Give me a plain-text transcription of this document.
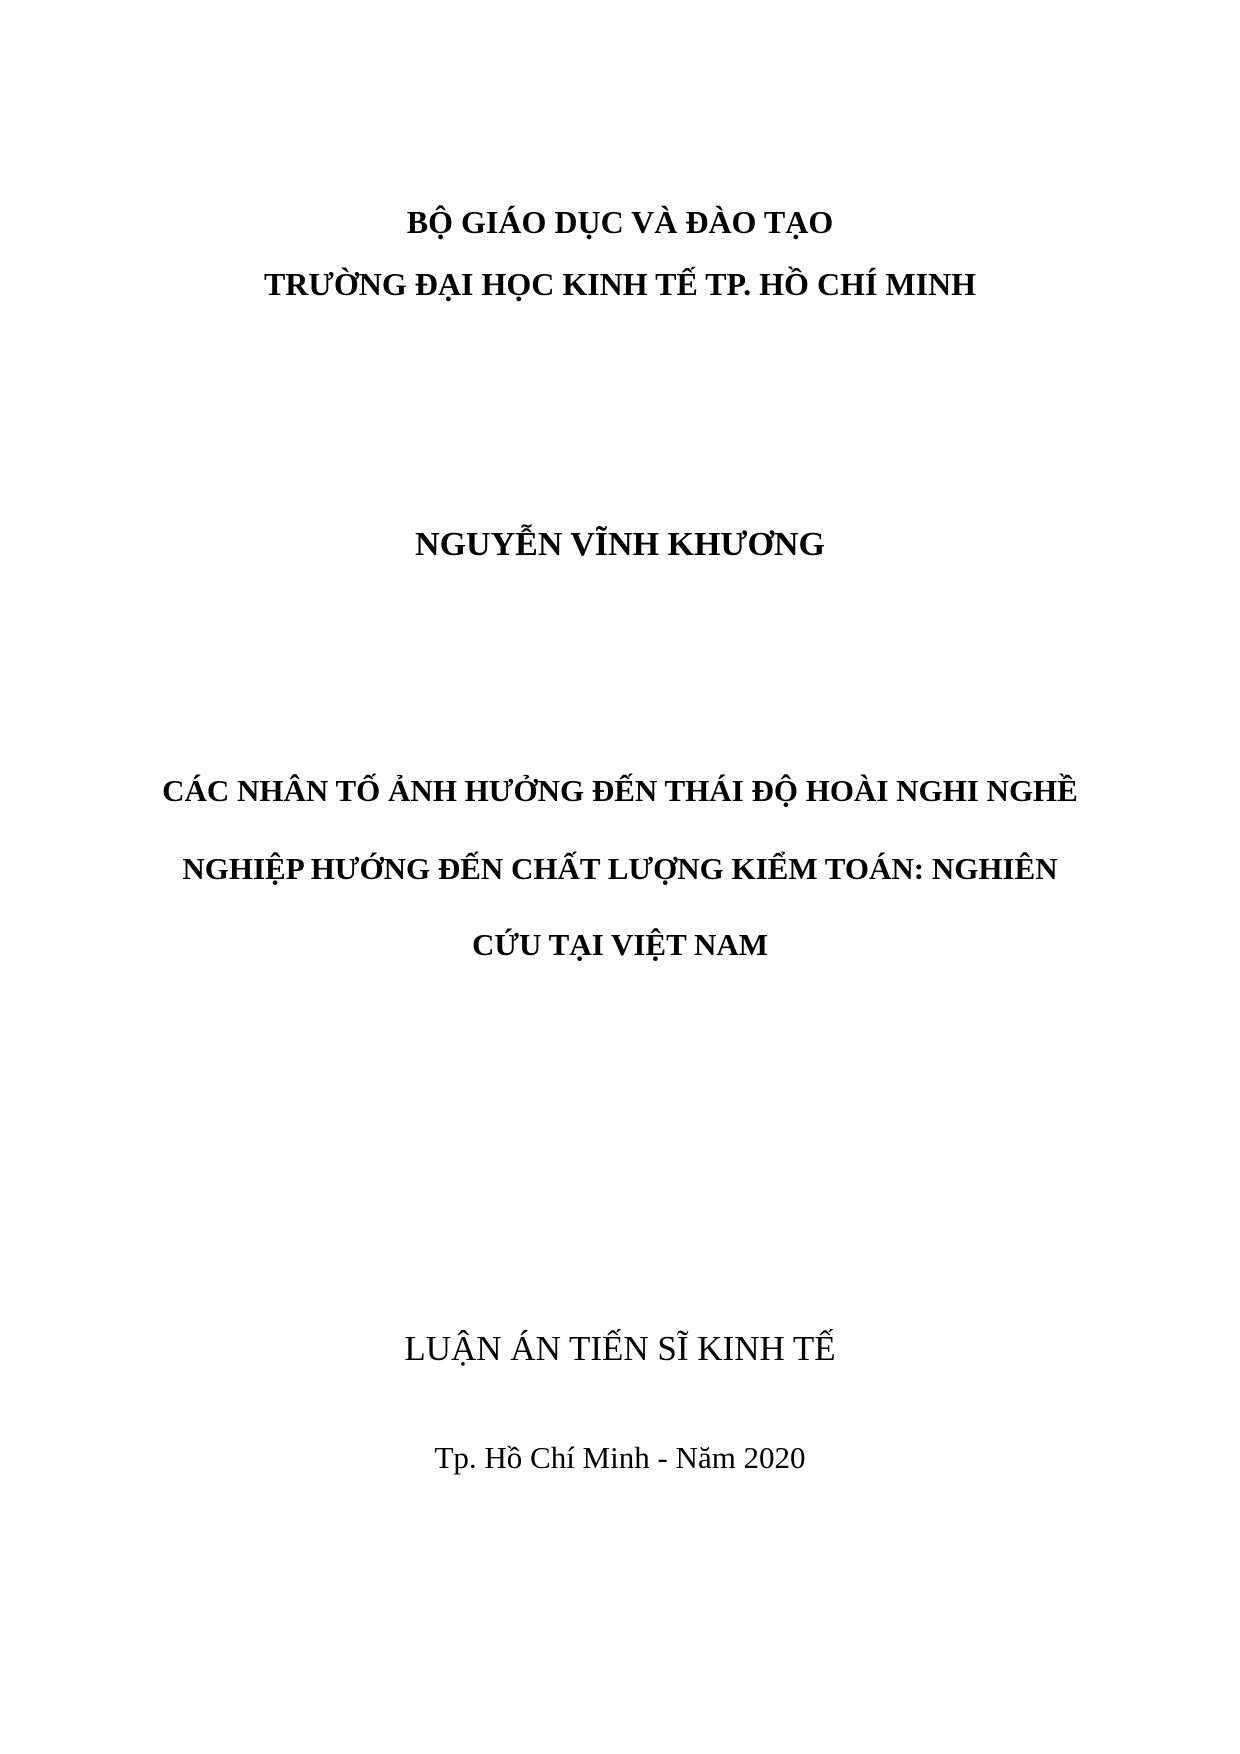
BỘ GIÁO DỤC VÀ ĐÀO TẠO
TRƯỜNG ĐẠI HỌC KINH TẾ TP. HỒ CHÍ MINH
NGUYỄN VĨNH KHƯƠNG
CÁC NHÂN TỐ ẢNH HƯỞNG ĐẾN THÁI ĐỘ HOÀI NGHI NGHỀ
NGHIỆP HƯỚNG ĐẾN CHẤT LƯỢNG KIỂM TOÁN: NGHIÊN
CỨU TẠI VIỆT NAM
LUẬN ÁN TIẾN SĨ KINH TẾ
Tp. Hồ Chí Minh - Năm 2020
